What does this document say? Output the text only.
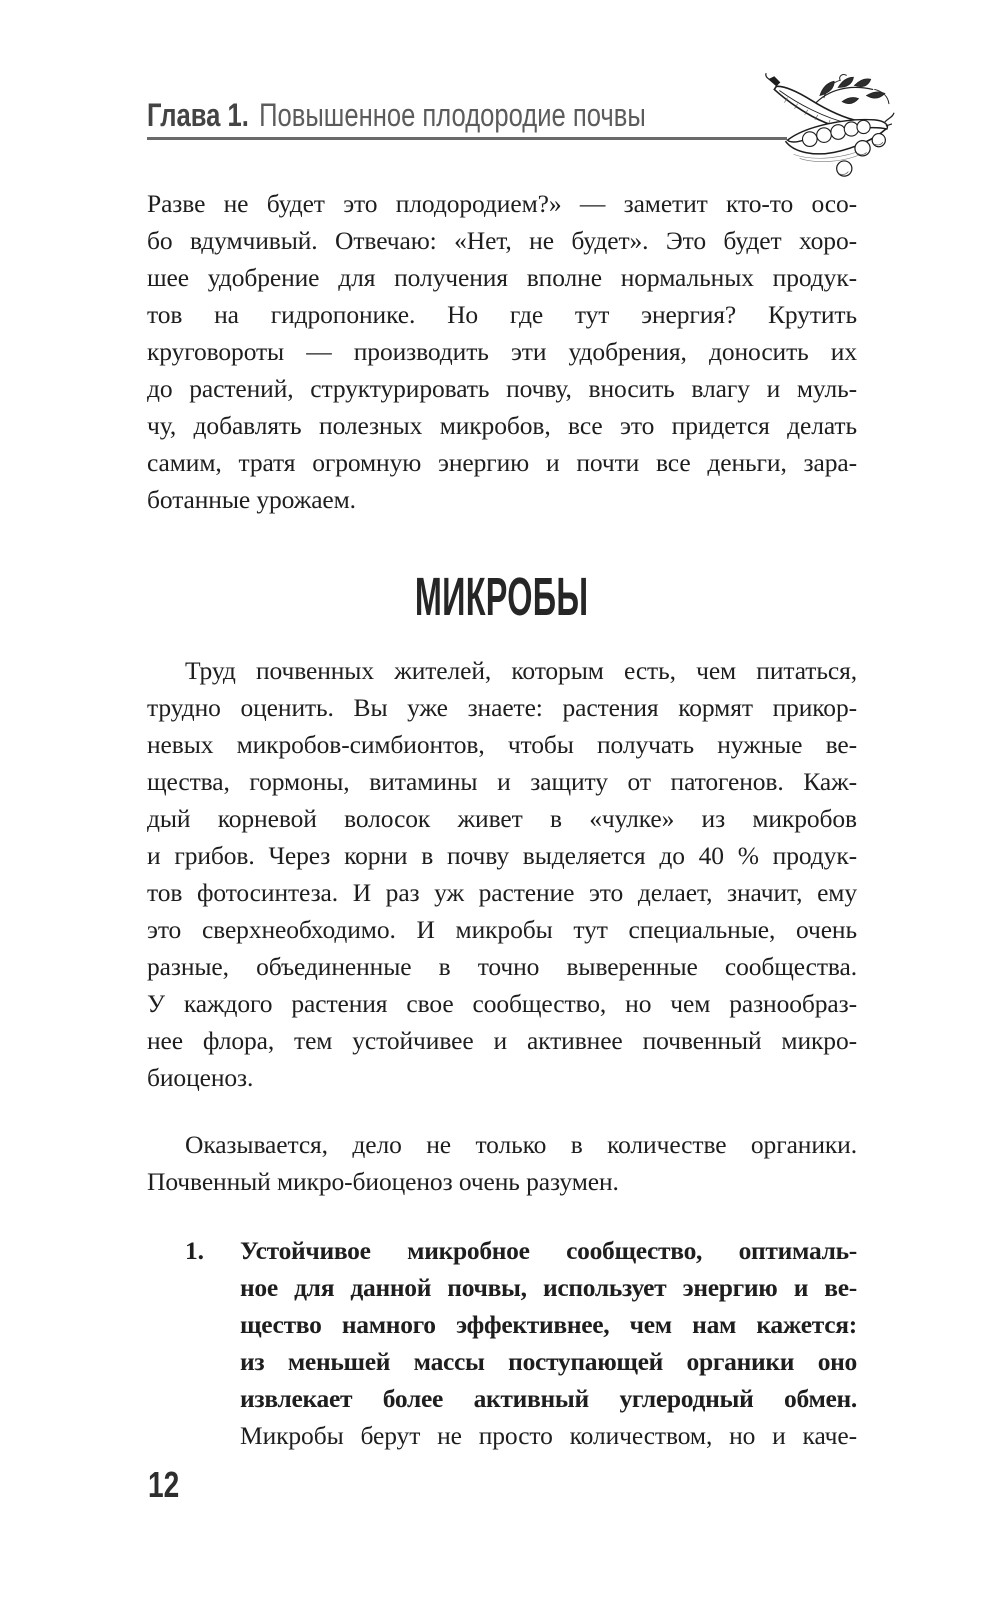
Глава 1. Повышенное плодородие почвы
Разве не будет это плодородием?» — заметит кто-то осо-
бо вдумчивый. Отвечаю: «Нет, не будет». Это будет хоро-
шее удобрение для получения вполне нормальных продук-
тов на гидропонике. Но где тут энергия? Крутить
круговороты — производить эти удобрения, доносить их
до растений, структурировать почву, вносить влагу и муль-
чу, добавлять полезных микробов, все это придется делать
самим, тратя огромную энергию и почти все деньги, зара-
ботанные урожаем.
МИКРОБЫ
Труд почвенных жителей, которым есть, чем питаться,
трудно оценить. Вы уже знаете: растения кормят прикор-
невых микробов-симбионтов, чтобы получать нужные ве-
щества, гормоны, витамины и защиту от патогенов. Каж-
дый корневой волосок живет в «чулке» из микробов
и грибов. Через корни в почву выделяется до 40 % продук-
тов фотосинтеза. И раз уж растение это делает, значит, ему
это сверхнеобходимо. И микробы тут специальные, очень
разные, объединенные в точно выверенные сообщества.
У каждого растения свое сообщество, но чем разнообраз-
нее флора, тем устойчивее и активнее почвенный микро-
биоценоз.
Оказывается, дело не только в количестве органики.
Почвенный микро-биоценоз очень разумен.
1. Устойчивое микробное сообщество, оптималь-
ное для данной почвы, использует энергию и ве-
щество намного эффективнее, чем нам кажется:
из меньшей массы поступающей органики оно
извлекает более активный углеродный обмен.
Микробы берут не просто количеством, но и каче-
12
